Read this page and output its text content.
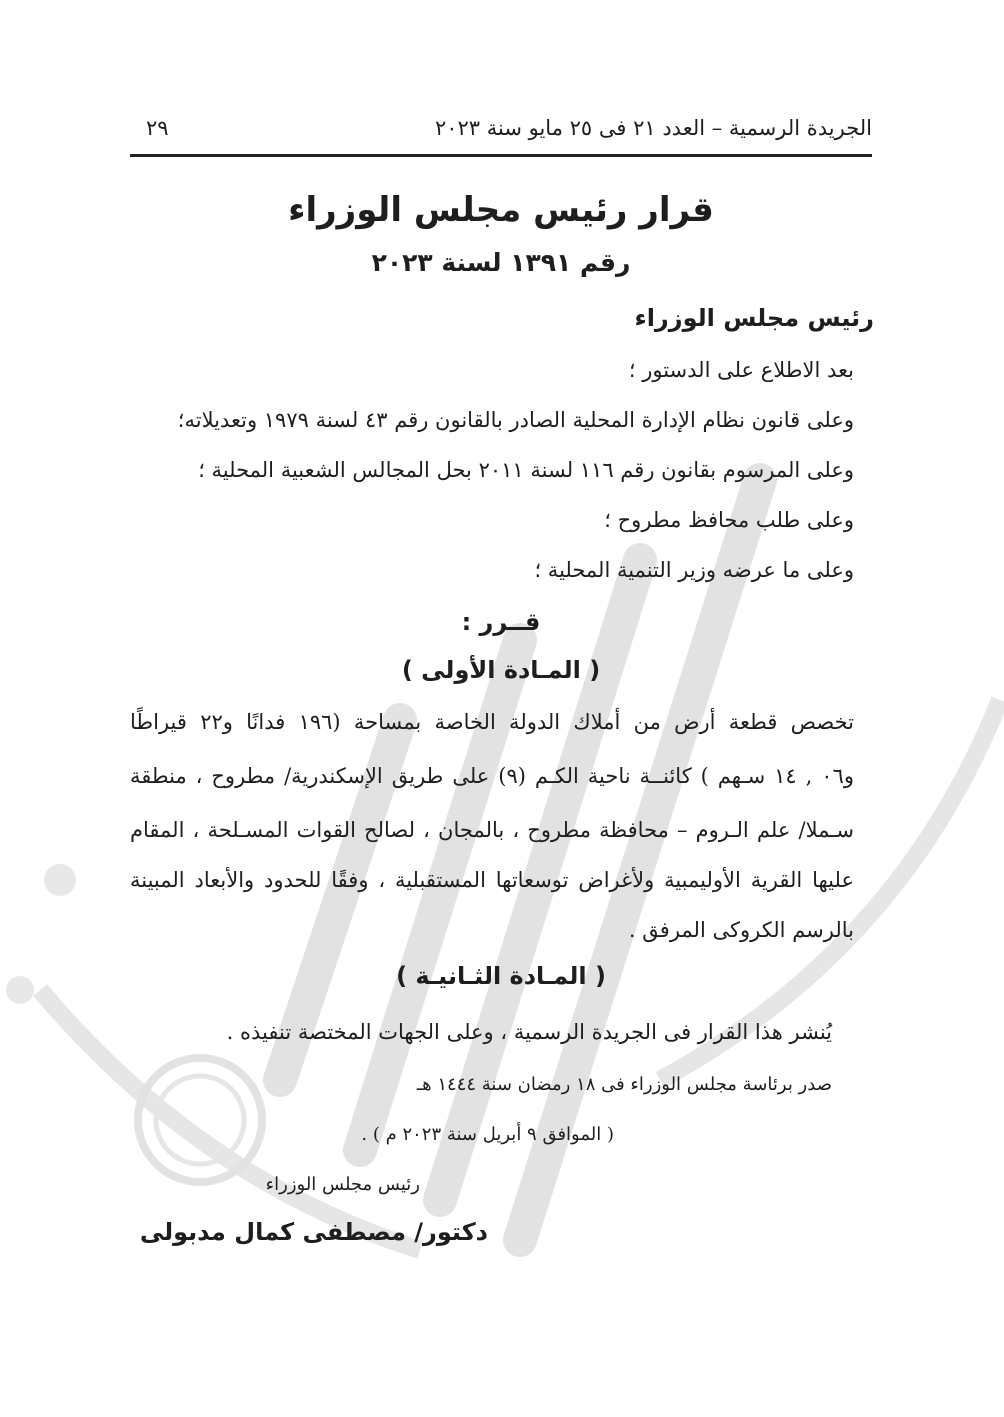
الجريدة الرسمية – العدد ٢١ فى ٢٥ مايو سنة ٢٠٢٣
٢٩
قرار رئيس مجلس الوزراء
رقم ١٣٩١ لسنة ٢٠٢٣
رئيس مجلس الوزراء
بعد الاطلاع على الدستور ؛
وعلى قانون نظام الإدارة المحلية الصادر بالقانون رقم ٤٣ لسنة ١٩٧٩ وتعديلاته؛
وعلى المرسوم بقانون رقم ١١٦ لسنة ٢٠١١ بحل المجالس الشعبية المحلية ؛
وعلى طلب محافظ مطروح ؛
وعلى ما عرضه وزير التنمية المحلية ؛
قــرر :
( المـادة الأولى )
تخصص قطعة أرض من أملاك الدولة الخاصة بمساحة (١٩٦ فدانًا و٢٢ قيراطًا
و٠٦ , ١٤ سـهم ) كائنــة ناحية الكـم (٩) على طريق الإسكندرية/ مطروح ، منطقة
سـملا/ علم الـروم – محافظة مطروح ، بالمجان ، لصالح القوات المسـلحة ، المقام
عليها القرية الأوليمبية ولأغراض توسعاتها المستقبلية ، وفقًا للحدود والأبعاد المبينة
بالرسم الكروكى المرفق .
( المـادة الثـانيـة )
يُنشر هذا القرار فى الجريدة الرسمية ، وعلى الجهات المختصة تنفيذه .
صدر برئاسة مجلس الوزراء فى ١٨ رمضان سنة ١٤٤٤ هـ
( الموافق ٩ أبريل سنة ٢٠٢٣ م ) .
رئيس مجلس الوزراء
دكتور/ مصطفى كمال مدبولى
